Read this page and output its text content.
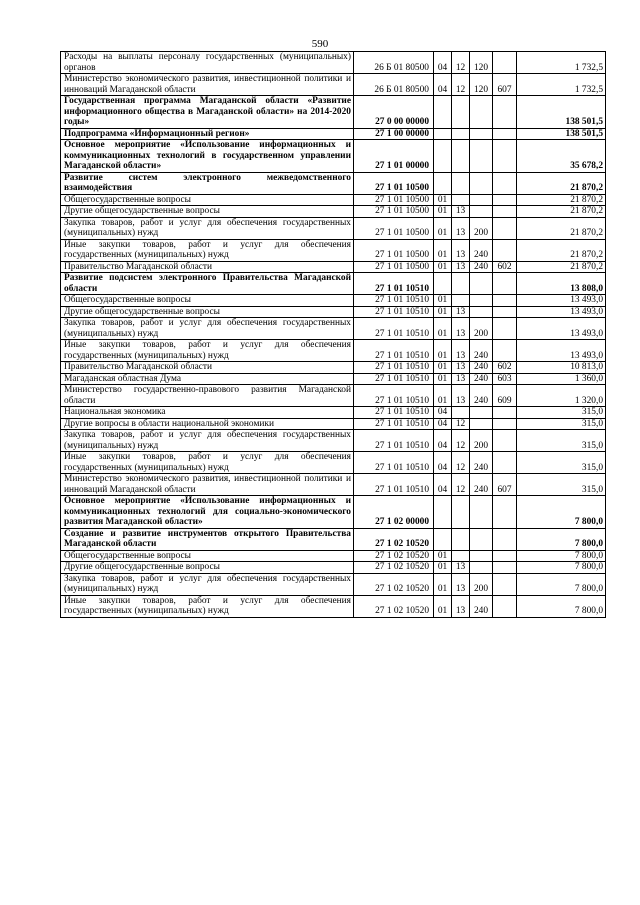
590
Расходы на выплаты персоналу государственных (муниципальных) органов	26 Б 01 80500	04	12	120		1 732,5
Министерство экономического развития, инвестиционной политики и инноваций Магаданской области	26 Б 01 80500	04	12	120	607	1 732,5
Государственная программа Магаданской области «Развитие информационного общества в Магаданской области» на 2014-2020 годы»	27 0 00 00000					138 501,5
Подпрограмма «Информационный регион»	27 1 00 00000					138 501,5
Основное мероприятие «Использование информационных и коммуникационных технологий в государственном управлении Магаданской области»	27 1 01 00000					35 678,2
Развитие систем электронного межведомственного взаимодействия	27 1 01 10500					21 870,2
Общегосударственные вопросы	27 1 01 10500	01				21 870,2
Другие общегосударственные вопросы	27 1 01 10500	01	13			21 870,2
Закупка товаров, работ и услуг для обеспечения государственных (муниципальных) нужд	27 1 01 10500	01	13	200		21 870,2
Иные закупки товаров, работ и услуг для обеспечения государственных (муниципальных) нужд	27 1 01 10500	01	13	240		21 870,2
Правительство Магаданской области	27 1 01 10500	01	13	240	602	21 870,2
Развитие подсистем электронного Правительства Магаданской области	27 1 01 10510					13 808,0
Общегосударственные вопросы	27 1 01 10510	01				13 493,0
Другие общегосударственные вопросы	27 1 01 10510	01	13			13 493,0
Закупка товаров, работ и услуг для обеспечения государственных (муниципальных) нужд	27 1 01 10510	01	13	200		13 493,0
Иные закупки товаров, работ и услуг для обеспечения государственных (муниципальных) нужд	27 1 01 10510	01	13	240		13 493,0
Правительство Магаданской области	27 1 01 10510	01	13	240	602	10 813,0
Магаданская областная Дума	27 1 01 10510	01	13	240	603	1 360,0
Министерство государственно-правового развития Магаданской области	27 1 01 10510	01	13	240	609	1 320,0
Национальная экономика	27 1 01 10510	04				315,0
Другие вопросы в области национальной экономики	27 1 01 10510	04	12			315,0
Закупка товаров, работ и услуг для обеспечения государственных (муниципальных) нужд	27 1 01 10510	04	12	200		315,0
Иные закупки товаров, работ и услуг для обеспечения государственных (муниципальных) нужд	27 1 01 10510	04	12	240		315,0
Министерство экономического развития, инвестиционной политики и инноваций Магаданской области	27 1 01 10510	04	12	240	607	315,0
Основное мероприятие «Использование информационных и коммуникационных технологий для социально-экономического развития Магаданской области»	27 1 02 00000					7 800,0
Создание и развитие инструментов открытого Правительства Магаданской области	27 1 02 10520					7 800,0
Общегосударственные вопросы	27 1 02 10520	01				7 800,0
Другие общегосударственные вопросы	27 1 02 10520	01	13			7 800,0
Закупка товаров, работ и услуг для обеспечения государственных (муниципальных) нужд	27 1 02 10520	01	13	200		7 800,0
Иные закупки товаров, работ и услуг для обеспечения государственных (муниципальных) нужд	27 1 02 10520	01	13	240		7 800,0
